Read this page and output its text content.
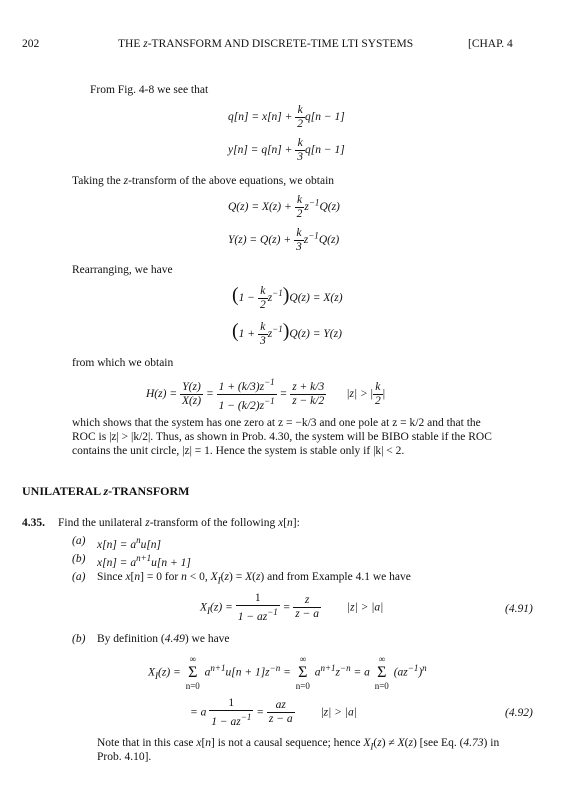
202	THE z-TRANSFORM AND DISCRETE-TIME LTI SYSTEMS	[CHAP. 4
From Fig. 4-8 we see that
$q[n] = x[n] + \frac{k}{2} q[n - 1]$
$y[n] = q[n] + \frac{k}{3} q[n - 1]$
Taking the z-transform of the above equations, we obtain
$Q(z) = X(z) + \frac{k}{2} z^{-1}Q(z)$
$Y(z) = Q(z) + \frac{k}{3} z^{-1}Q(z)$
Rearranging, we have
$(1 - \frac{k}{2} z^{-1})Q(z) = X(z)$
$(1 + \frac{k}{3} z^{-1})Q(z) = Y(z)$
from which we obtain
$H(z) = \frac{Y(z)}{X(z)} = \frac{1 + (k/3)z^{-1}}{1 - (k/2)z^{-1}} = \frac{z + k/3}{z - k/2} |z|$ > | $\frac{k}{2}$ |
which shows that the system has one zero at z = −k/3 and one pole at z = k/2 and that the
ROC is |z| > |k/2|. Thus, as shown in Prob. 4.30, the system will be BIBO stable if the ROC
contains the unit circle, |z| = 1. Hence the system is stable only if |k| < 2.
UNILATERAL z-TRANSFORM
4.35. Find the unilateral z-transform of the following x[n]:
(a) $x[n] = a^nu[n]$
(b) $x[n] = a^{n+1}u[n + 1]$
(a) Since x[n] = 0 for n < 0, $X_I(z) = X(z)$ and from Example 4.1 we have
$X_I(z) = \frac{1}{1 - az^{-1}} = \frac{z}{z - a} |z| > |a|$	(4.91)
(b) By definition (4.49) we have
$X_I(z)$ =
∞
Σ
n=0
$a^{n+1}u[n + 1]z^{-n}$ =
∞
Σ
n=0
$a^{n+1}z^{-n} = a$
∞
Σ
n=0
$(az^{-1})^n$
= a $\frac{1}{1 - az^{-1}} = \frac{az}{z - a} |z| > |a|$	(4.92)
Note that in this case x[n] is not a causal sequence; hence $X_I(z) \ne X(z)$ [see Eq. (4.73) in
Prob. 4.10].
